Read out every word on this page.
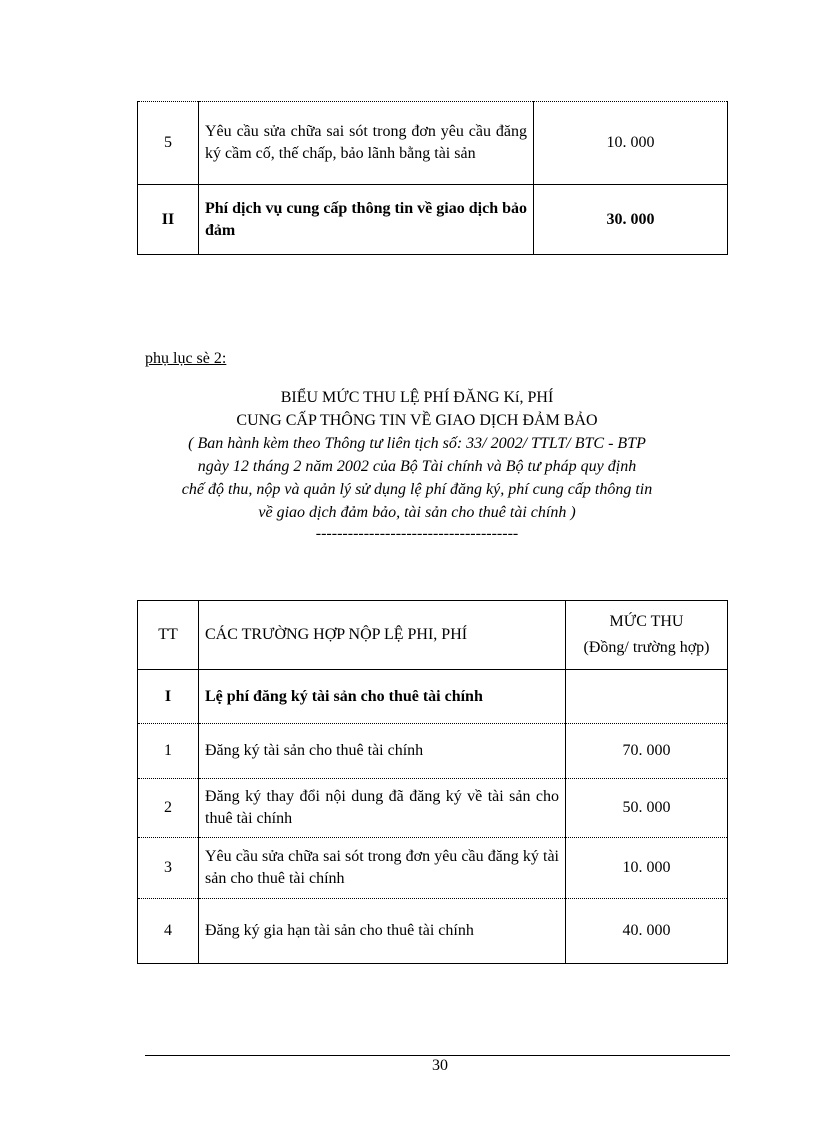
5	Yêu cầu sửa chữa sai sót trong đơn yêu cầu đăng ký cầm cố, thế chấp, bảo lãnh bằng tài sản	10. 000
II	Phí dịch vụ cung cấp thông tin về giao dịch bảo đảm	30. 000
phụ lục sè 2:
BIỂU MỨC THU LỆ PHÍ ĐĂNG Kí, PHÍ
CUNG CẤP THÔNG TIN VỀ GIAO DỊCH ĐẢM BẢO
( Ban hành kèm theo Thông tư liên tịch số: 33/ 2002/ TTLT/ BTC - BTP
ngày 12 tháng 2 năm 2002 của Bộ Tài chính và Bộ tư pháp quy định
chế độ thu, nộp và quản lý sử dụng lệ phí đăng ký, phí cung cấp thông tin
về giao dịch đảm bảo, tài sản cho thuê tài chính )
--------------------------------------
TT	CÁC TRƯỜNG HỢP NỘP LỆ PHI, PHÍ	MỨC THU
(Đồng/ trường hợp)

I	Lệ phí đăng ký tài sản cho thuê tài chính	
1	Đăng ký tài sản cho thuê tài chính	70. 000
2	Đăng ký thay đổi nội dung đã đăng ký về tài sản cho thuê tài chính	50. 000
3	Yêu cầu sửa chữa sai sót trong đơn yêu cầu đăng ký tài sản cho thuê tài chính	10. 000
4	Đăng ký gia hạn tài sản cho thuê tài chính	40. 000
30
